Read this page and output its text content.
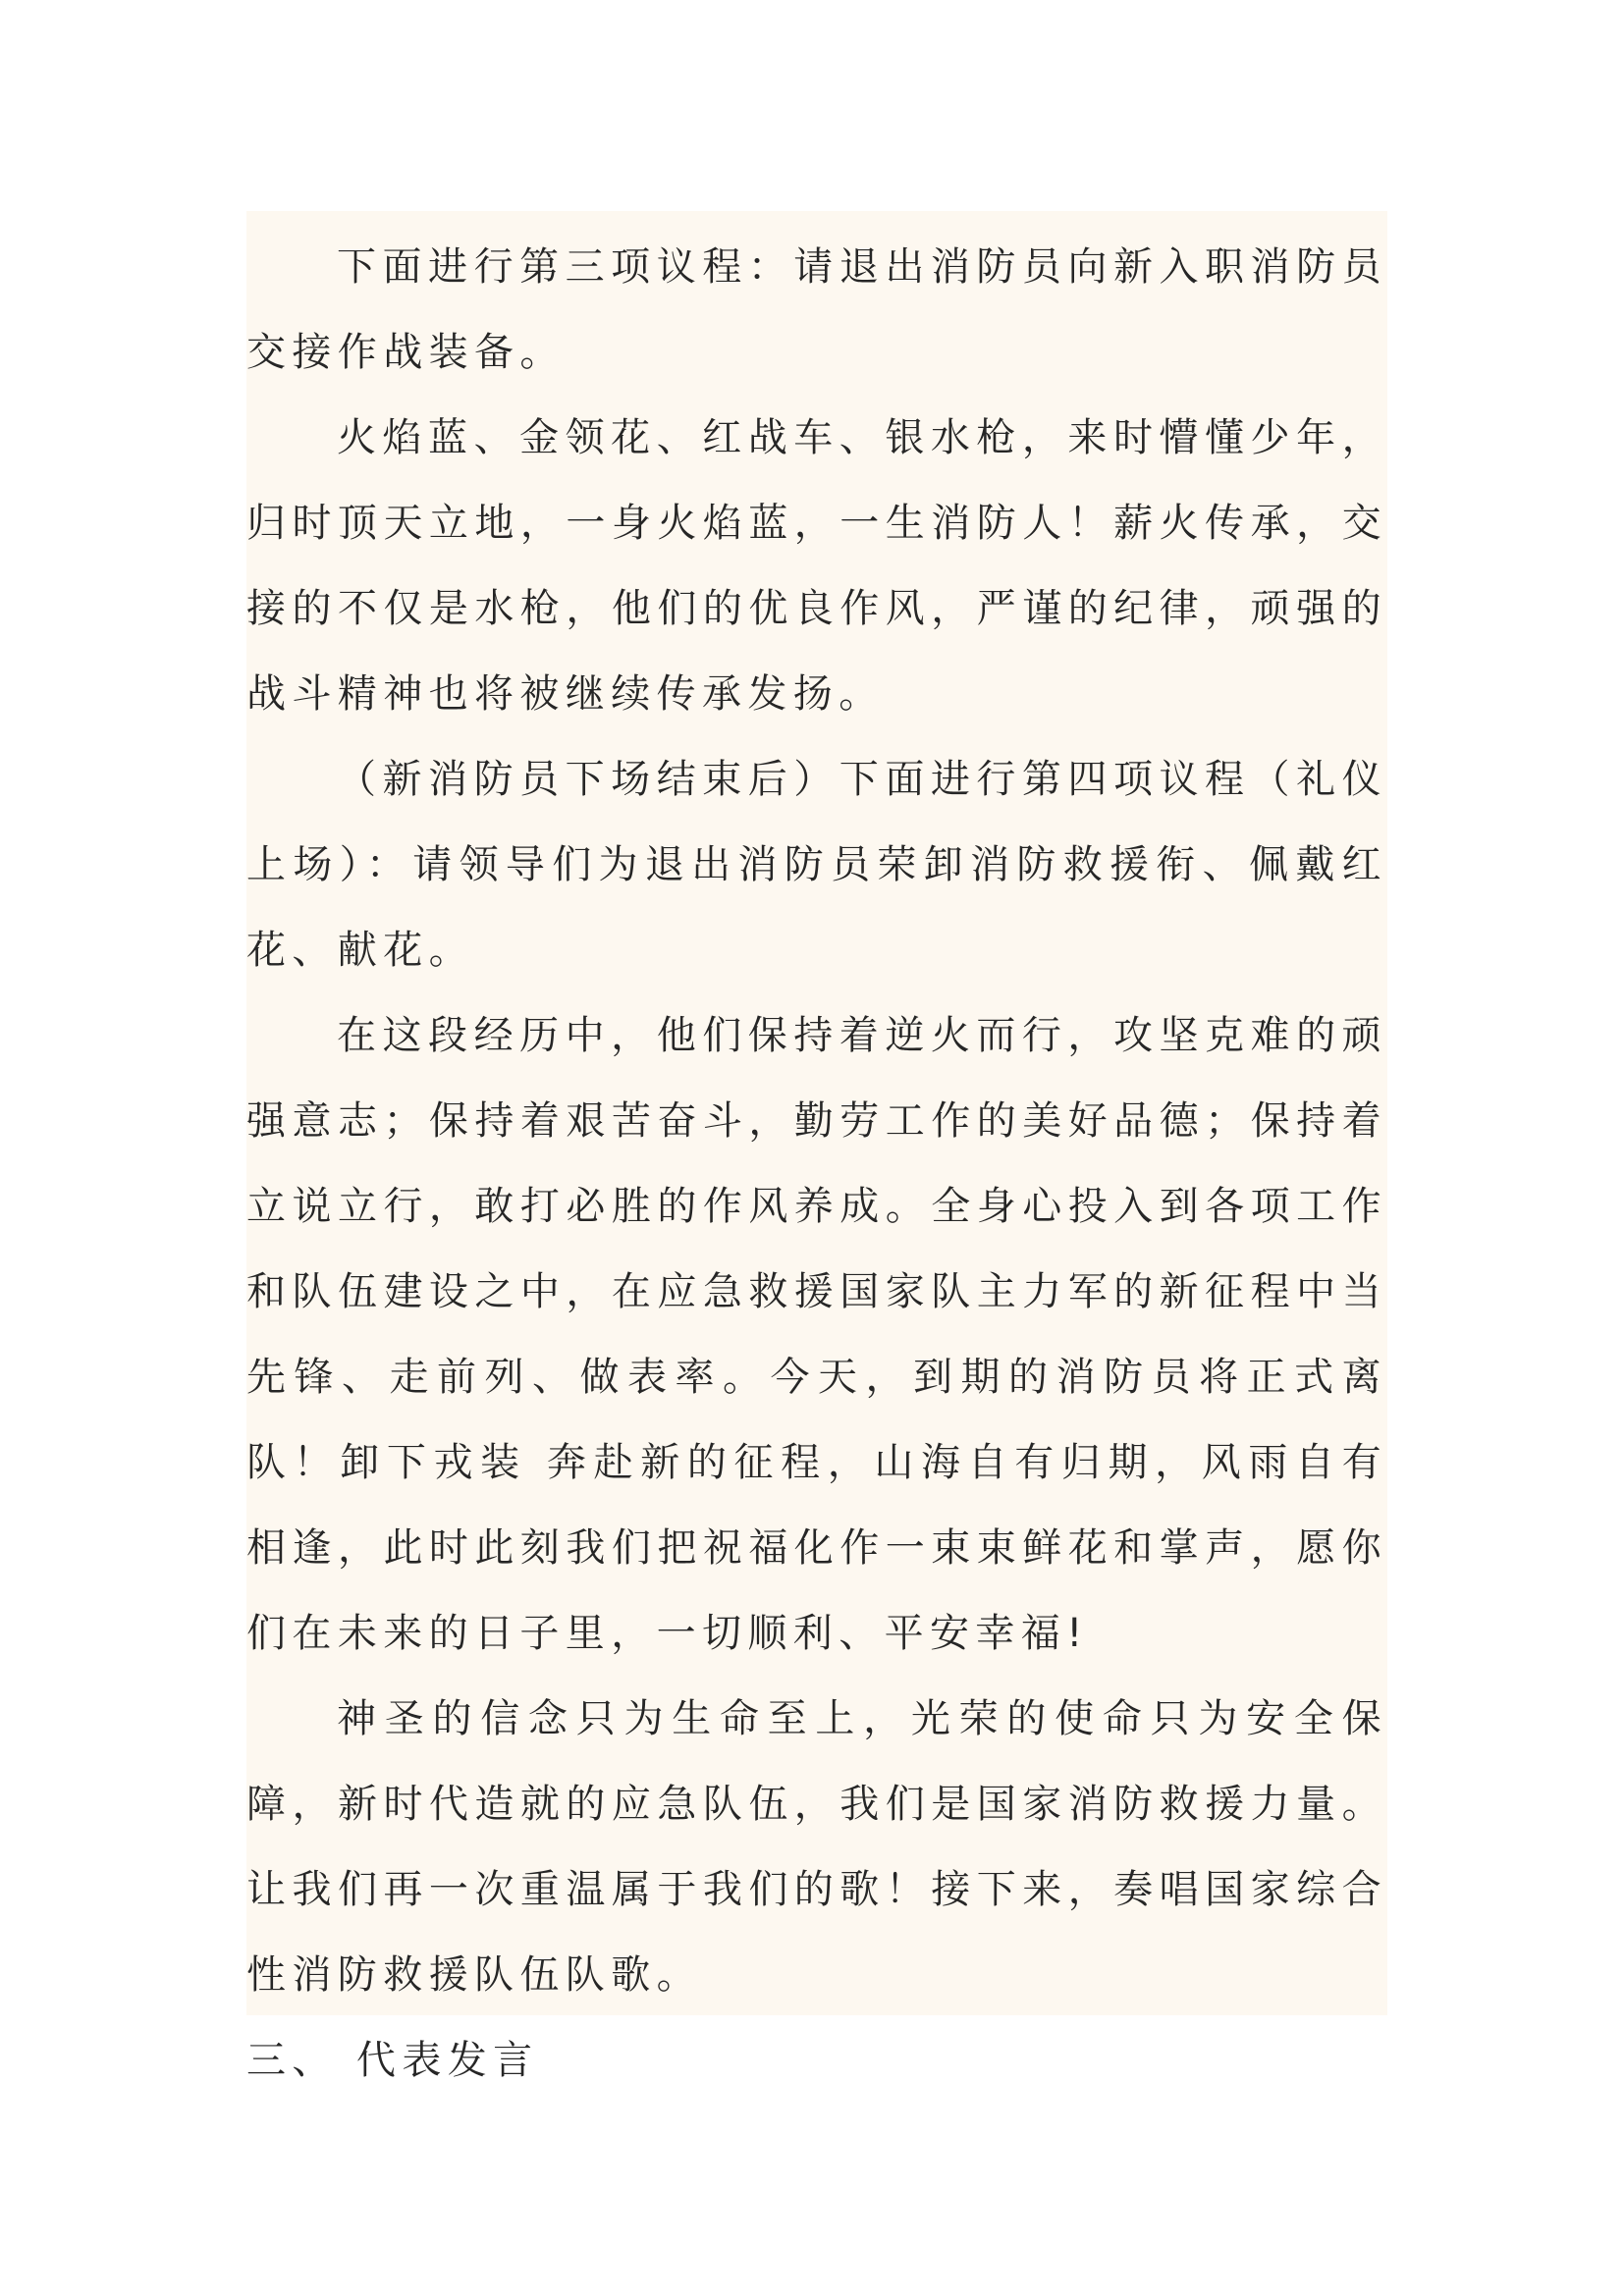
下面进行第三项议程：请退出消防员向新入职消防员交接作战装备。

火焰蓝、金领花、红战车、银水枪，来时懵懂少年，归时顶天立地，一身火焰蓝，一生消防人！薪火传承，交接的不仅是水枪，他们的优良作风，严谨的纪律，顽强的战斗精神也将被继续传承发扬。

（新消防员下场结束后）下面进行第四项议程（礼仪上场）：请领导们为退出消防员荣卸消防救援衔、佩戴红花、献花。

在这段经历中，他们保持着逆火而行，攻坚克难的顽强意志；保持着艰苦奋斗，勤劳工作的美好品德；保持着立说立行，敢打必胜的作风养成。全身心投入到各项工作和队伍建设之中，在应急救援国家队主力军的新征程中当先锋、走前列、做表率。今天，到期的消防员将正式离队！卸下戎装 奔赴新的征程，山海自有归期，风雨自有相逢，此时此刻我们把祝福化作一束束鲜花和掌声，愿你们在未来的日子里，一切顺利、平安幸福!

神圣的信念只为生命至上，光荣的使命只为安全保障，新时代造就的应急队伍，我们是国家消防救援力量。让我们再一次重温属于我们的歌！接下来，奏唱国家综合性消防救援队伍队歌。

三、 代表发言
